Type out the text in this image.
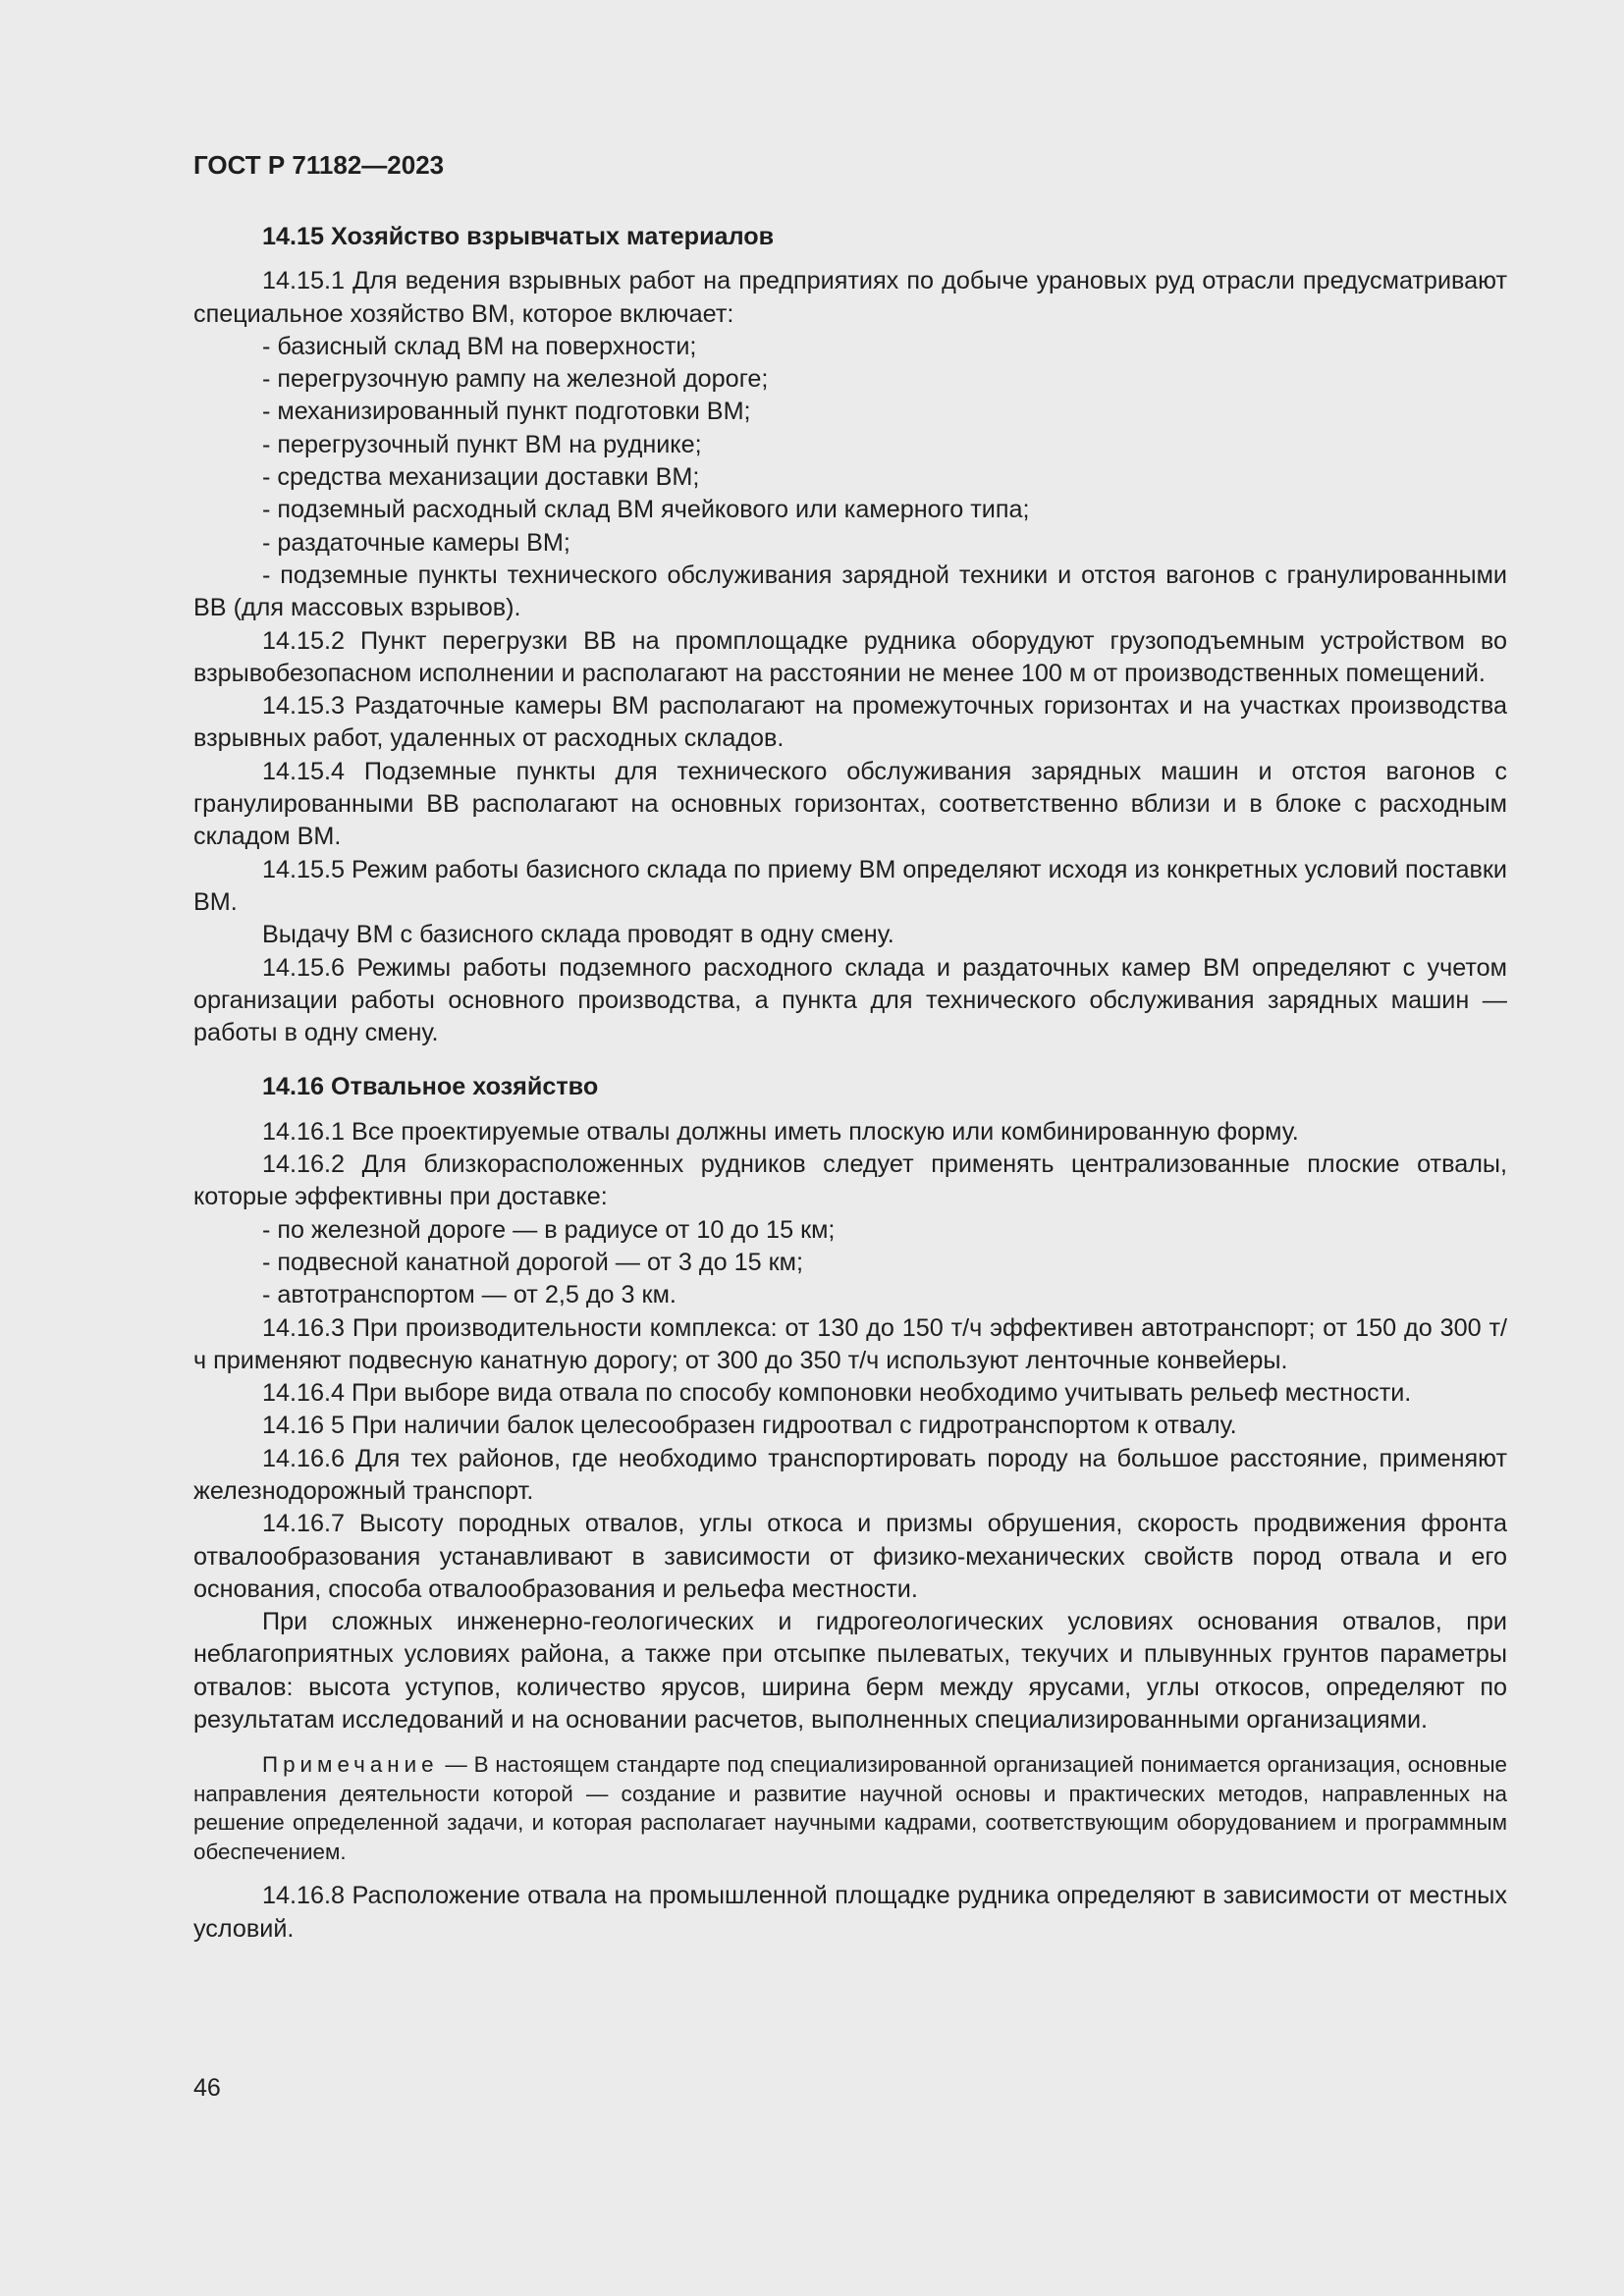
ГОСТ Р 71182—2023

14.15 Хозяйство взрывчатых материалов

14.15.1 Для ведения взрывных работ на предприятиях по добыче урановых руд отрасли предусматривают специальное хозяйство ВМ, которое включает:

- базисный склад ВМ на поверхности;

- перегрузочную рампу на железной дороге;

- механизированный пункт подготовки ВМ;

- перегрузочный пункт ВМ на руднике;

- средства механизации доставки ВМ;

- подземный расходный склад ВМ ячейкового или камерного типа;

- раздаточные камеры ВМ;

- подземные пункты технического обслуживания зарядной техники и отстоя вагонов с гранулированными ВВ (для массовых взрывов).

14.15.2 Пункт перегрузки ВВ на промплощадке рудника оборудуют грузоподъемным устройством во взрывобезопасном исполнении и располагают на расстоянии не менее 100 м от производственных помещений.

14.15.3 Раздаточные камеры ВМ располагают на промежуточных горизонтах и на участках производства взрывных работ, удаленных от расходных складов.

14.15.4 Подземные пункты для технического обслуживания зарядных машин и отстоя вагонов с гранулированными ВВ располагают на основных горизонтах, соответственно вблизи и в блоке с расходным складом ВМ.

14.15.5 Режим работы базисного склада по приему ВМ определяют исходя из конкретных условий поставки ВМ.

Выдачу ВМ с базисного склада проводят в одну смену.

14.15.6 Режимы работы подземного расходного склада и раздаточных камер ВМ определяют с учетом организации работы основного производства, а пункта для технического обслуживания зарядных машин — работы в одну смену.

14.16 Отвальное хозяйство

14.16.1 Все проектируемые отвалы должны иметь плоскую или комбинированную форму.

14.16.2 Для близкорасположенных рудников следует применять централизованные плоские отвалы, которые эффективны при доставке:

- по железной дороге — в радиусе от 10 до 15 км;

- подвесной канатной дорогой — от 3 до 15 км;

- автотранспортом — от 2,5 до 3 км.

14.16.3 При производительности комплекса: от 130 до 150 т/ч эффективен автотранспорт; от 150 до 300 т/ч применяют подвесную канатную дорогу; от 300 до 350 т/ч используют ленточные конвейеры.

14.16.4 При выборе вида отвала по способу компоновки необходимо учитывать рельеф местности.

14.16 5 При наличии балок целесообразен гидроотвал с гидротранспортом к отвалу.

14.16.6 Для тех районов, где необходимо транспортировать породу на большое расстояние, применяют железнодорожный транспорт.

14.16.7 Высоту породных отвалов, углы откоса и призмы обрушения, скорость продвижения фронта отвалообразования устанавливают в зависимости от физико-механических свойств пород отвала и его основания, способа отвалообразования и рельефа местности.

При сложных инженерно-геологических и гидрогеологических условиях основания отвалов, при неблагоприятных условиях района, а также при отсыпке пылеватых, текучих и плывунных грунтов параметры отвалов: высота уступов, количество ярусов, ширина берм между ярусами, углы откосов, определяют по результатам исследований и на основании расчетов, выполненных специализированными организациями.

Примечание — В настоящем стандарте под специализированной организацией понимается организация, основные направления деятельности которой — создание и развитие научной основы и практических методов, направленных на решение определенной задачи, и которая располагает научными кадрами, соответствующим оборудованием и программным обеспечением.

14.16.8 Расположение отвала на промышленной площадке рудника определяют в зависимости от местных условий.

46
